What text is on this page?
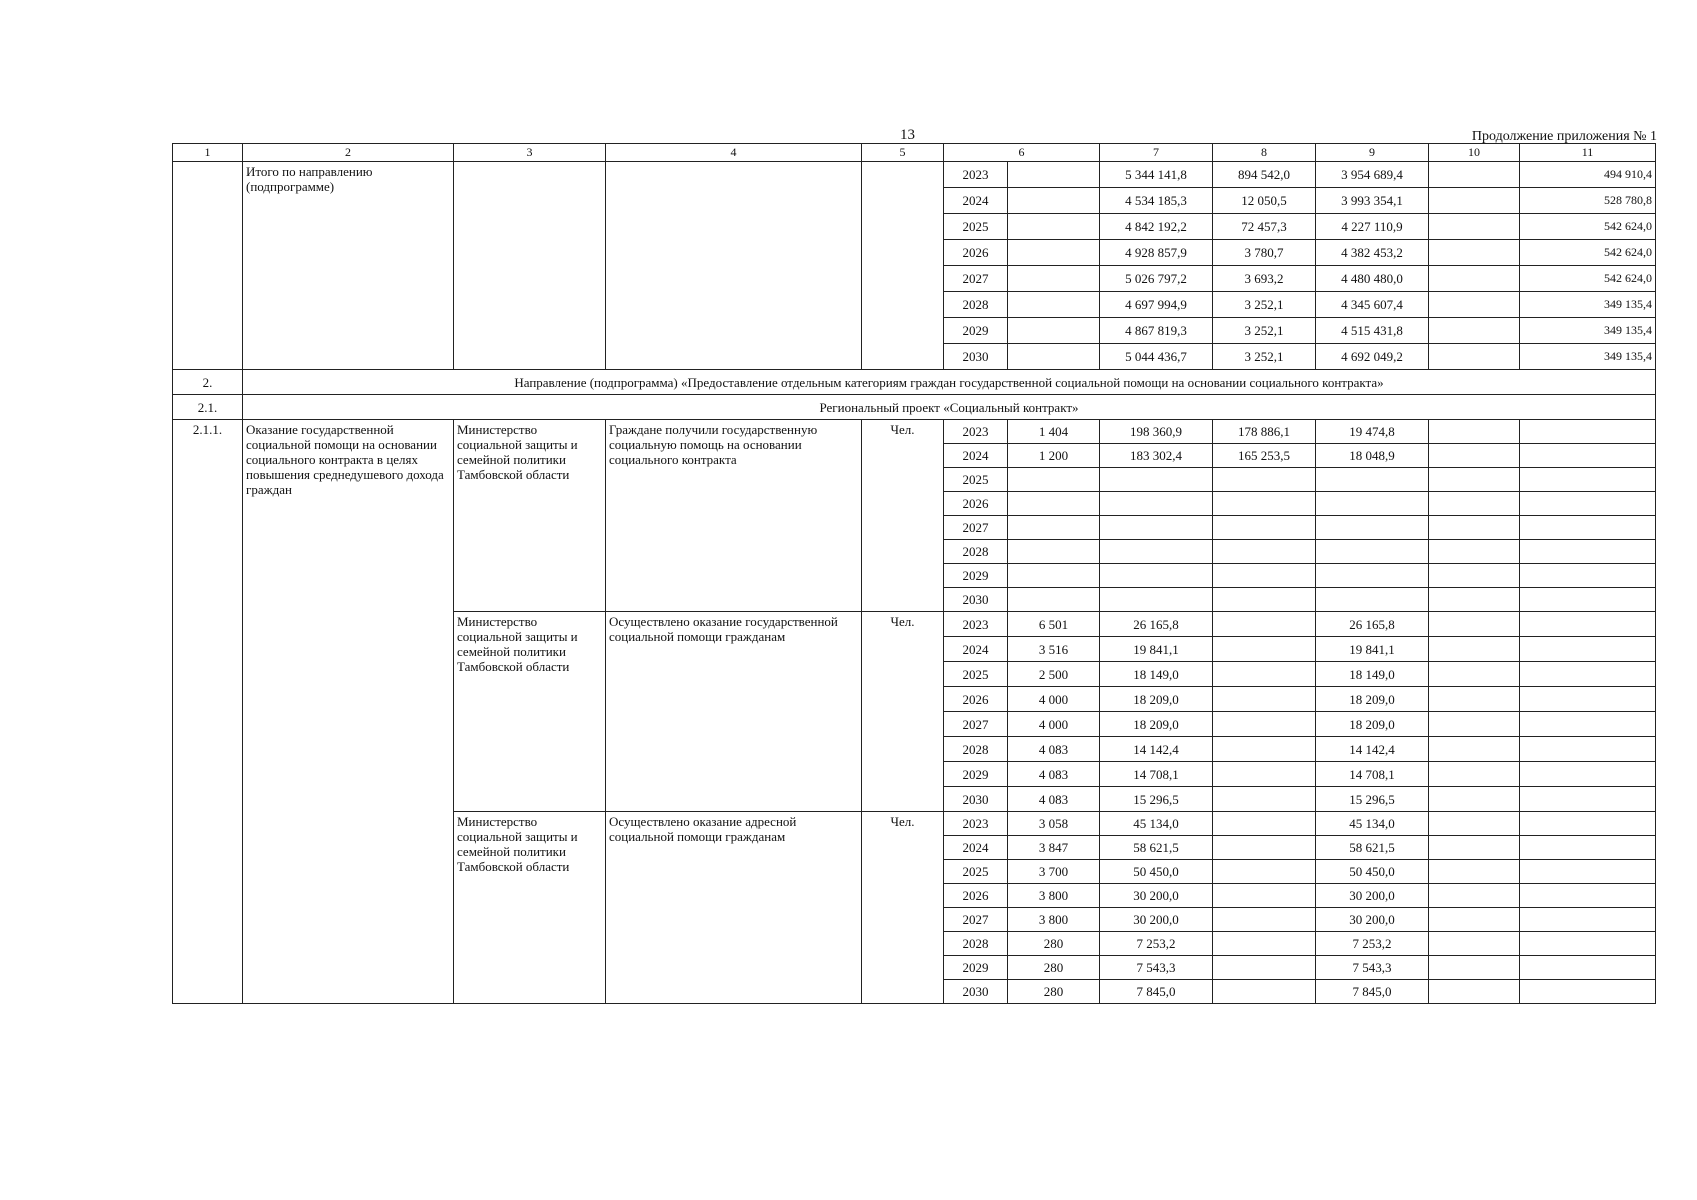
13	Продолжение приложения № 1
1	2	3	4	5	6		7	8	9	10	11
	Итого по направлению (подпрограмме)				2023		5 344 141,8	894 542,0	3 954 689,4		494 910,4
					2024		4 534 185,3	12 050,5	3 993 354,1		528 780,8
					2025		4 842 192,2	72 457,3	4 227 110,9		542 624,0
					2026		4 928 857,9	3 780,7	4 382 453,2		542 624,0
					2027		5 026 797,2	3 693,2	4 480 480,0		542 624,0
					2028		4 697 994,9	3 252,1	4 345 607,4		349 135,4
					2029		4 867 819,3	3 252,1	4 515 431,8		349 135,4
					2030		5 044 436,7	3 252,1	4 692 049,2		349 135,4
2.	Направление (подпрограмма) «Предоставление отдельным категориям граждан государственной социальной помощи на основании социального контракта»										
2.1.	Региональный проект «Социальный контракт»										
2.1.1.	Оказание государственной социальной помощи на основании социального контракта в целях повышения среднедушевого дохода граждан	Министерство социальной защиты и семейной политики Тамбовской области	Граждане получили государственную социальную помощь на основании социального контракта	Чел.	2023	1 404	198 360,9	178 886,1	19 474,8		
					2024	1 200	183 302,4	165 253,5	18 048,9		
					2025						
					2026						
					2027						
					2028						
					2029						
					2030						
		Министерство социальной защиты и семейной политики Тамбовской области	Осуществлено оказание государственной социальной помощи гражданам	Чел.	2023	6 501	26 165,8		26 165,8		
					2024	3 516	19 841,1		19 841,1		
					2025	2 500	18 149,0		18 149,0		
					2026	4 000	18 209,0		18 209,0		
					2027	4 000	18 209,0		18 209,0		
					2028	4 083	14 142,4		14 142,4		
					2029	4 083	14 708,1		14 708,1		
					2030	4 083	15 296,5		15 296,5		
		Министерство социальной защиты и семейной политики Тамбовской области	Осуществлено оказание адресной социальной помощи гражданам	Чел.	2023	3 058	45 134,0		45 134,0		
					2024	3 847	58 621,5		58 621,5		
					2025	3 700	50 450,0		50 450,0		
					2026	3 800	30 200,0		30 200,0		
					2027	3 800	30 200,0		30 200,0		
					2028	280	7 253,2		7 253,2		
					2029	280	7 543,3		7 543,3		
					2030	280	7 845,0		7 845,0		
